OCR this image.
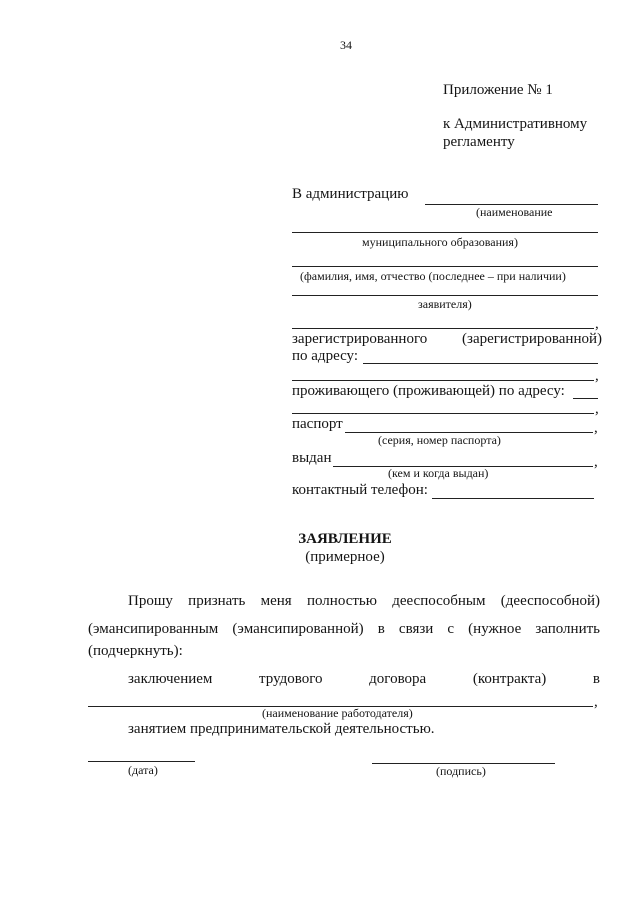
34
Приложение № 1
к Административному
регламенту
В администрацию
(наименование
муниципального образования)
(фамилия, имя, отчество (последнее – при наличии)
заявителя)
,
зарегистрированного (зарегистрированной)
по адресу:
,
проживающего (проживающей) по адресу:
,
паспорт	,
(серия, номер паспорта)
выдан	,
(кем и когда выдан)
контактный телефон:
ЗАЯВЛЕНИЕ
(примерное)
Прошу признать меня полностью дееспособным (дееспособной)
(эмансипированным (эмансипированной) в связи с (нужное заполнить
(подчеркнуть):
заключением трудового договора (контракта) в
,
(наименование работодателя)
занятием предпринимательской деятельностью.
(дата)	(подпись)
